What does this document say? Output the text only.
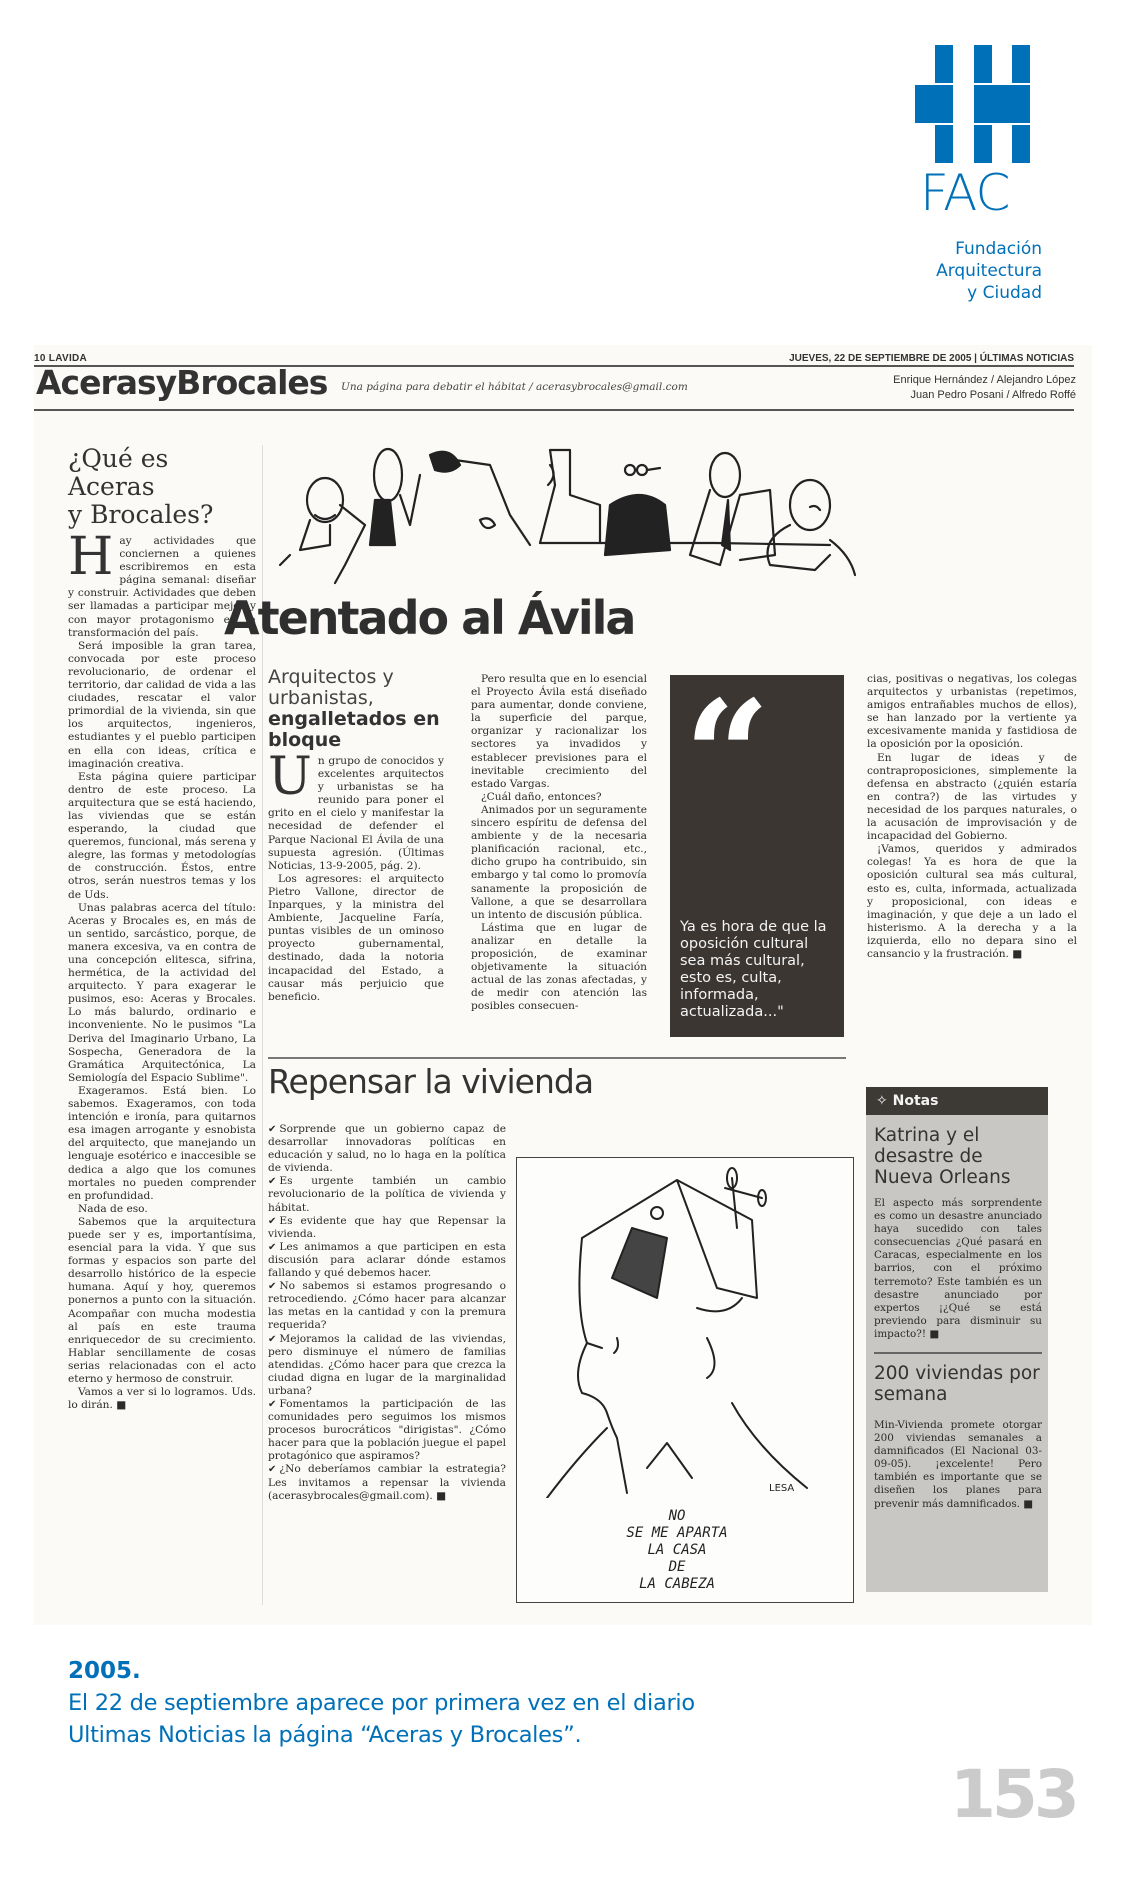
FAC
Fundación
Arquitectura
y Ciudad
10 LAVIDA	JUEVES, 22 DE SEPTIEMBRE DE 2005 | ÚLTIMAS NOTICIAS
AcerasyBrocales Una página para debatir el hábitat / acerasybrocales@gmail.com
Enrique Hernández / Alejandro López
Juan Pedro Posani / Alfredo Roffé
¿Qué es
Aceras
y Brocales?

Hay actividades que conciernen a quienes escribiremos en esta página semanal: diseñar y construir. Actividades que deben ser llamadas a participar mejor y con mayor protagonismo en la transformación del país.

Será imposible la gran tarea, convocada por este proceso revolucionario, de ordenar el territorio, dar calidad de vida a las ciudades, rescatar el valor primordial de la vivienda, sin que los arquitectos, ingenieros, estudiantes y el pueblo participen en ella con ideas, crítica e imaginación creativa.

Esta página quiere participar dentro de este proceso. La arquitectura que se está haciendo, las viviendas que se están esperando, la ciudad que queremos, funcional, más serena y alegre, las formas y metodologías de construcción. Éstos, entre otros, serán nuestros temas y los de Uds.

Unas palabras acerca del título: Aceras y Brocales es, en más de un sentido, sarcástico, porque, de manera excesiva, va en contra de una concepción elitesca, sifrina, hermética, de la actividad del arquitecto. Y para exagerar le pusimos, eso: Aceras y Brocales. Lo más balurdo, ordinario e inconveniente. No le pusimos "La Deriva del Imaginario Urbano, La Sospecha, Generadora de la Gramática Arquitectónica, La Semiología del Espacio Sublime".

Exageramos. Está bien. Lo sabemos. Exageramos, con toda intención e ironía, para quitarnos esa imagen arrogante y esnobista del arquitecto, que manejando un lenguaje esotérico e inaccesible se dedica a algo que los comunes mortales no pueden comprender en profundidad.

Nada de eso.

Sabemos que la arquitectura puede ser y es, importantísima, esencial para la vida. Y que sus formas y espacios son parte del desarrollo histórico de la especie humana. Aquí y hoy, queremos ponernos a punto con la situación. Acompañar con mucha modestia al país en este trauma enriquecedor de su crecimiento. Hablar sencillamente de cosas serias relacionadas con el acto eterno y hermoso de construir.

Vamos a ver si lo logramos. Uds. lo dirán. ■

Atentado al Ávila
Arquitectos y urbanistas,
engalletados en bloque

Un grupo de conocidos y excelentes arquitectos y urbanistas se ha reunido para poner el grito en el cielo y manifestar la necesidad de defender el Parque Nacional El Ávila de una supuesta agresión. (Últimas Noticias, 13-9-2005, pág. 2).

Los agresores: el arquitecto Pietro Vallone, director de Inparques, y la ministra del Ambiente, Jacqueline Faría, puntas visibles de un ominoso proyecto gubernamental, destinado, dada la notoria incapacidad del Estado, a causar más perjuicio que beneficio.

Pero resulta que en lo esencial el Proyecto Ávila está diseñado para aumentar, donde conviene, la superficie del parque, organizar y racionalizar los sectores ya invadidos y establecer previsiones para el inevitable crecimiento del estado Vargas.

¿Cuál daño, entonces?

Animados por un seguramente sincero espíritu de defensa del ambiente y de la necesaria planificación racional, etc., dicho grupo ha contribuido, sin embargo y tal como lo promovía sanamente la proposición de Vallone, a que se desarrollara un intento de discusión pública.

Lástima que en lugar de analizar en detalle la proposición, de examinar objetivamente la situación actual de las zonas afectadas, y de medir con atención las posibles consecuen-

“
Ya es hora de que la oposición cultural sea más cultural, esto es, culta, informada, actualizada..."

cias, positivas o negativas, los colegas arquitectos y urbanistas (repetimos, amigos entrañables muchos de ellos), se han lanzado por la vertiente ya excesivamente manida y fastidiosa de la oposición por la oposición.

En lugar de ideas y de contraproposiciones, simplemente la defensa en abstracto (¿quién estaría en contra?) de las virtudes y necesidad de los parques naturales, o la acusación de improvisación y de incapacidad del Gobierno.

¡Vamos, queridos y admirados colegas! Ya es hora de que la oposición cultural sea más cultural, esto es, culta, informada, actualizada y proposicional, con ideas e imaginación, y que deje a un lado el histerismo. A la derecha y a la izquierda, ello no depara sino el cansancio y la frustración. ■

Repensar la vivienda

✔ Sorprende que un gobierno capaz de desarrollar innovadoras políticas en educación y salud, no lo haga en la política de vivienda.

✔ Es urgente también un cambio revolucionario de la política de vivienda y hábitat.

✔ Es evidente que hay que Repensar la vivienda.

✔ Les animamos a que participen en esta discusión para aclarar dónde estamos fallando y qué debemos hacer.

✔ No sabemos si estamos progresando o retrocediendo. ¿Cómo hacer para alcanzar las metas en la cantidad y con la premura requerida?

✔ Mejoramos la calidad de las viviendas, pero disminuye el número de familias atendidas. ¿Cómo hacer para que crezca la ciudad digna en lugar de la marginalidad urbana?

✔ Fomentamos la participación de las comunidades pero seguimos los mismos procesos burocráticos "dirigistas". ¿Cómo hacer para que la población juegue el papel protagónico que aspiramos?

✔ ¿No deberíamos cambiar la estrategia? Les invitamos a repensar la vivienda (acerasybrocales@gmail.com). ■

LESA
NO
SE ME APARTA
LA CASA
DE
LA CABEZA
✧ Notas
Katrina y el desastre de Nueva Orleans
El aspecto más sorprendente es como un desastre anunciado haya sucedido con tales consecuencias ¿Qué pasará en Caracas, especialmente en los barrios, con el próximo terremoto? Este también es un desastre anunciado por expertos ¡¿Qué se está previendo para disminuir su impacto?! ■
200 viviendas por semana
Min-Vivienda promete otorgar 200 viviendas semanales a damnificados (El Nacional 03-09-05). ¡excelente! Pero también es importante que se diseñen los planes para prevenir más damnificados. ■
2005.
El 22 de septiembre aparece por primera vez en el diario
Ultimas Noticias la página “Aceras y Brocales”.
153
